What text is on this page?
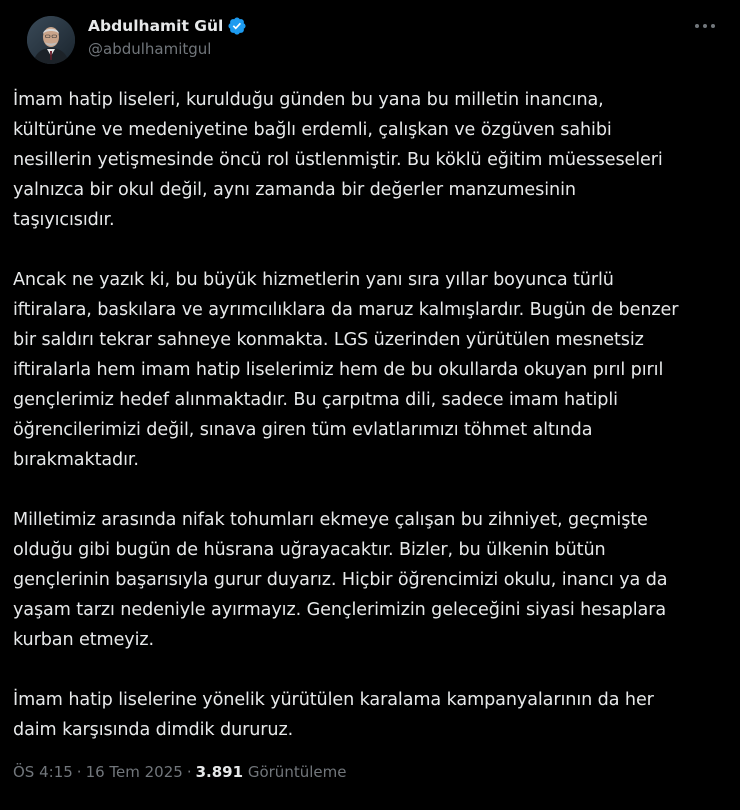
Abdulhamit Gül
@abdulhamitgul
İmam hatip liseleri, kurulduğu günden bu yana bu milletin inancına,
kültürüne ve medeniyetine bağlı erdemli, çalışkan ve özgüven sahibi
nesillerin yetişmesinde öncü rol üstlenmiştir. Bu köklü eğitim müesseseleri
yalnızca bir okul değil, aynı zamanda bir değerler manzumesinin
taşıyıcısıdır.
Ancak ne yazık ki, bu büyük hizmetlerin yanı sıra yıllar boyunca türlü
iftiralara, baskılara ve ayrımcılıklara da maruz kalmışlardır. Bugün de benzer
bir saldırı tekrar sahneye konmakta. LGS üzerinden yürütülen mesnetsiz
iftiralarla hem imam hatip liselerimiz hem de bu okullarda okuyan pırıl pırıl
gençlerimiz hedef alınmaktadır. Bu çarpıtma dili, sadece imam hatipli
öğrencilerimizi değil, sınava giren tüm evlatlarımızı töhmet altında
bırakmaktadır.
Milletimiz arasında nifak tohumları ekmeye çalışan bu zihniyet, geçmişte
olduğu gibi bugün de hüsrana uğrayacaktır. Bizler, bu ülkenin bütün
gençlerinin başarısıyla gurur duyarız. Hiçbir öğrencimizi okulu, inancı ya da
yaşam tarzı nedeniyle ayırmayız. Gençlerimizin geleceğini siyasi hesaplara
kurban etmeyiz.
İmam hatip liselerine yönelik yürütülen karalama kampanyalarının da her
daim karşısında dimdik dururuz.
ÖS 4:15 · 16 Tem 2025 · 3.891 Görüntüleme
